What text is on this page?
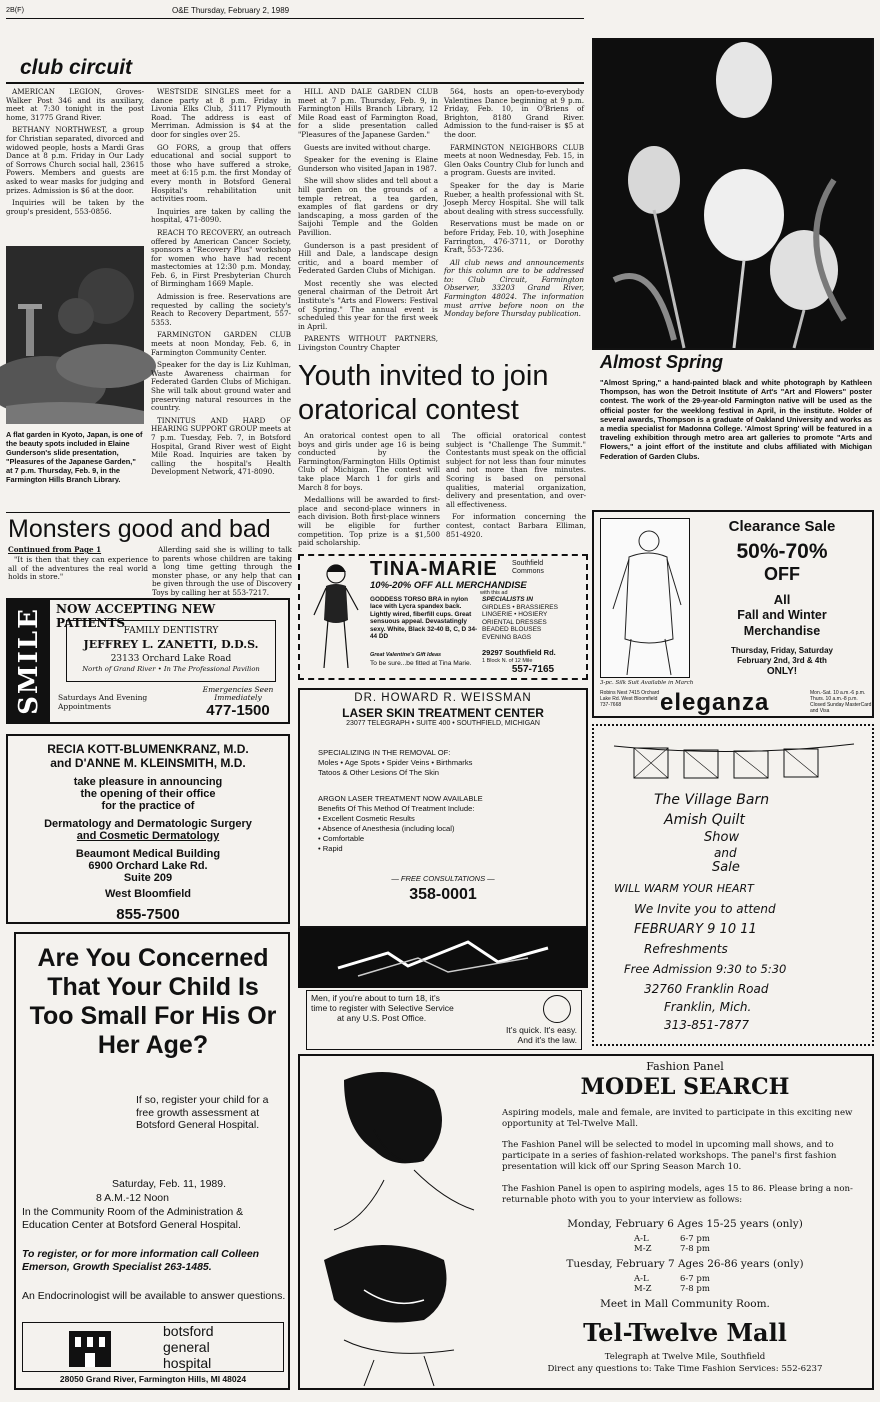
2B(F)	O&E Thursday, February 2, 1989
club circuit

AMERICAN LEGION, Groves-Walker Post 346 and its auxiliary, meet at 7:30 tonight in the post home, 31775 Grand River.

BETHANY NORTHWEST, a group for Christian separated, divorced and widowed people, hosts a Mardi Gras Dance at 8 p.m. Friday in Our Lady of Sorrows Church social hall, 23615 Powers. Members and guests are asked to wear masks for judging and prizes. Admission is $6 at the door.

Inquiries will be taken by the group's president, 553-0856.

A flat garden in Kyoto, Japan, is one of the beauty spots included in Elaine Gunderson's slide presentation, "Pleasures of the Japanese Garden," at 7 p.m. Thursday, Feb. 9, in the Farmington Hills Branch Library.

WESTSIDE SINGLES meet for a dance party at 8 p.m. Friday in Livonia Elks Club, 31117 Plymouth Road. The address is east of Merriman. Admission is $4 at the door for singles over 25.

GO FORS, a group that offers educational and social support to those who have suffered a stroke, meet at 6:15 p.m. the first Monday of every month in Botsford General Hospital's rehabilitation unit activities room.

Inquiries are taken by calling the hospital, 471-8090.

REACH TO RECOVERY, an outreach offered by American Cancer Society, sponsors a "Recovery Plus" workshop for women who have had recent mastectomies at 12:30 p.m. Monday, Feb. 6, in First Presbyterian Church of Birmingham 1669 Maple.

Admission is free. Reservations are requested by calling the society's Reach to Recovery Department, 557-5353.

FARMINGTON GARDEN CLUB meets at noon Monday, Feb. 6, in Farmington Community Center.

Speaker for the day is Liz Kuhlman, Waste Awareness chairman for Federated Garden Clubs of Michigan. She will talk about ground water and preserving natural resources in the country.

TINNITUS AND HARD OF HEARING SUPPORT GROUP meets at 7 p.m. Tuesday, Feb. 7, in Botsford Hospital, Grand River west of Eight Mile Road. Inquiries are taken by calling the hospital's Health Development Network, 471-8090.

HILL AND DALE GARDEN CLUB meet at 7 p.m. Thursday, Feb. 9, in Farmington Hills Branch Library, 12 Mile Road east of Farmington Road, for a slide presentation called "Pleasures of the Japanese Garden."

Guests are invited without charge.

Speaker for the evening is Elaine Gunderson who visited Japan in 1987.

She will show slides and tell about a hill garden on the grounds of a temple retreat, a tea garden, examples of flat gardens or dry landscaping, a moss garden of the Saijohi Temple and the Golden Pavillion.

Gunderson is a past president of Hill and Dale, a landscape design critic, and a board member of Federated Garden Clubs of Michigan.

Most recently she was elected general chairman of the Detroit Art Institute's "Arts and Flowers: Festival of Spring." The annual event is scheduled this year for the first week in April.

PARENTS WITHOUT PARTNERS, Livingston Country Chapter

564, hosts an open-to-everybody Valentines Dance beginning at 9 p.m. Friday, Feb. 10, in O'Briens of Brighton, 8180 Grand River. Admission to the fund-raiser is $5 at the door.

FARMINGTON NEIGHBORS CLUB meets at noon Wednesday, Feb. 15, in Glen Oaks Country Club for lunch and a program. Guests are invited.

Speaker for the day is Marie Rueber, a health professional with St. Joseph Mercy Hospital. She will talk about dealing with stress successfully.

Reservations must be made on or before Friday, Feb. 10, with Josephine Farrington, 476-3711, or Dorothy Kraft, 553-7236.

All club news and announcements for this column are to be addressed to: Club Circuit, Farmington Observer, 33203 Grand River, Farmington 48024. The information must arrive before noon on the Monday before Thursday publication.

Almost Spring
"Almost Spring," a hand-painted black and white photograph by Kathleen Thompson, has won the Detroit Institute of Art's "Art and Flowers" poster contest. The work of the 29-year-old Farmington native will be used as the official poster for the weeklong festival in April, in the institute. Holder of several awards, Thompson is a graduate of Oakland University and works as a media specialist for Madonna College. 'Almost Spring' will be featured in a traveling exhibition through metro area art galleries to promote "Arts and Flowers," a joint effort of the institute and clubs affiliated with Michigan Federation of Garden Clubs.
Youth invited to join
oratorical contest

An oratorical contest open to all boys and girls under age 16 is being conducted by the Farmington/Farmington Hills Optimist Club of Michigan. The contest will take place March 1 for girls and March 8 for boys.

Medallions will be awarded to first-place and second-place winners in each division. Both first-place winners will be eligible for further competition. Top prize is a $1,500 paid scholarship.

The official oratorical contest subject is "Challenge The Summit." Contestants must speak on the official subject for not less than four minutes and not more than five minutes. Scoring is based on personal qualities, material organization, delivery and presentation, and over-all effectiveness.

For information concerning the contest, contact Barbara Elliman, 851-4920.

Monsters good and bad
Continued from Page 1

"It is then that they can experience all of the adventures the real world holds in store."

Allerding said she is willing to talk to parents whose children are taking a long time getting through the monster phase, or any help that can be given through the use of Discovery Toys by calling her at 553-7217.

SMILE NOW ACCEPTING NEW PATIENTS
FAMILY DENTISTRY
JEFFREY L. ZANETTI, D.D.S.
23133 Orchard Lake Road
North of Grand River • In The Professional Pavilion
Saturdays And Evening Appointments
Emergencies Seen Immediately
477-1500
RECIA KOTT-BLUMENKRANZ, M.D.
and D'ANNE M. KLEINSMITH, M.D.
take pleasure in announcing
the opening of their office
for the practice of
Dermatology and Dermatologic Surgery
and Cosmetic Dermatology
Beaumont Medical Building
6900 Orchard Lake Rd.
Suite 209
West Bloomfield
855-7500
TINA-MARIE	Southfield Commons
10%-20% OFF ALL MERCHANDISE
with this ad
GODDESS TORSO BRA in nylon lace with Lycra spandex back. Lightly wired, fiberfill cups. Great sensuous appeal. Devastatingly sexy. White, Black 32-40 B, C, D 34-44 DD
Great Valentine's Gift Ideas
To be sure...be fitted at Tina Marie.
SPECIALISTS IN
GIRDLES • BRASSIERES
LINGERIE • HOSIERY
ORIENTAL DRESSES
BEADED BLOUSES
EVENING BAGS
29297 Southfield Rd.
1 Block N. of 12 Mile
557-7165
DR. HOWARD R. WEISSMAN
LASER SKIN TREATMENT CENTER
23077 TELEGRAPH • SUITE 400 • SOUTHFIELD, MICHIGAN
SPECIALIZING IN THE REMOVAL OF:
Moles • Age Spots • Spider Veins • Birthmarks
Tatoos & Other Lesions Of The Skin
ARGON LASER TREATMENT NOW AVAILABLE
Benefits Of This Method Of Treatment Include:
• Excellent Cosmetic Results
• Absence of Anesthesia (including local)
• Comfortable
• Rapid
— FREE CONSULTATIONS —
358-0001
Men, if you're about to turn 18, it's
time to register with Selective Service
at any U.S. Post Office.
It's quick. It's easy.
And it's the law.
3-pc. Silk Suit Available in March
Clearance Sale
50%-70%
OFF
All
Fall and Winter
Merchandise
Thursday, Friday, Saturday
February 2nd, 3rd & 4th
ONLY!
Robins Nest 7415 Orchard Lake Rd. West Bloomfield 737-7668	eleganza	Mon.-Sat. 10 a.m.-6 p.m. Thurs. 10 a.m.-8 p.m. Closed Sunday MasterCard and Visa
The Village Barn
Amish Quilt
Show
and
Sale
WILL WARM YOUR HEART
We Invite you to attend
FEBRUARY 9 10 11
Refreshments
Free Admission 9:30 to 5:30
32760 Franklin Road
Franklin, Mich.
313-851-7877
Are You Concerned That Your Child Is Too Small For His Or Her Age?
If so, register your child for a free growth assessment at Botsford General Hospital.
Saturday, Feb. 11, 1989.
8 A.M.-12 Noon
In the Community Room of the Administration & Education Center at Botsford General Hospital.
To register, or for more information call Colleen Emerson, Growth Specialist 263-1485.
An Endocrinologist will be available to answer questions.
botsford
general
hospital
28050 Grand River, Farmington Hills, MI 48024
Fashion Panel
MODEL SEARCH
Aspiring models, male and female, are invited to participate in this exciting new opportunity at Tel-Twelve Mall.
The Fashion Panel will be selected to model in upcoming mall shows, and to participate in a series of fashion-related workshops. The panel's first fashion presentation will kick off our Spring Season March 10.
The Fashion Panel is open to aspiring models, ages 15 to 86. Please bring a non-returnable photo with you to your interview as follows:
Monday, February 6 Ages 15-25 years (only)
A-L	6-7 pm
M-Z	7-8 pm
Tuesday, February 7 Ages 26-86 years (only)
A-L	6-7 pm
M-Z	7-8 pm
Meet in Mall Community Room.
Tel-Twelve Mall
Telegraph at Twelve Mile, Southfield
Direct any questions to: Take Time Fashion Services: 552-6237
